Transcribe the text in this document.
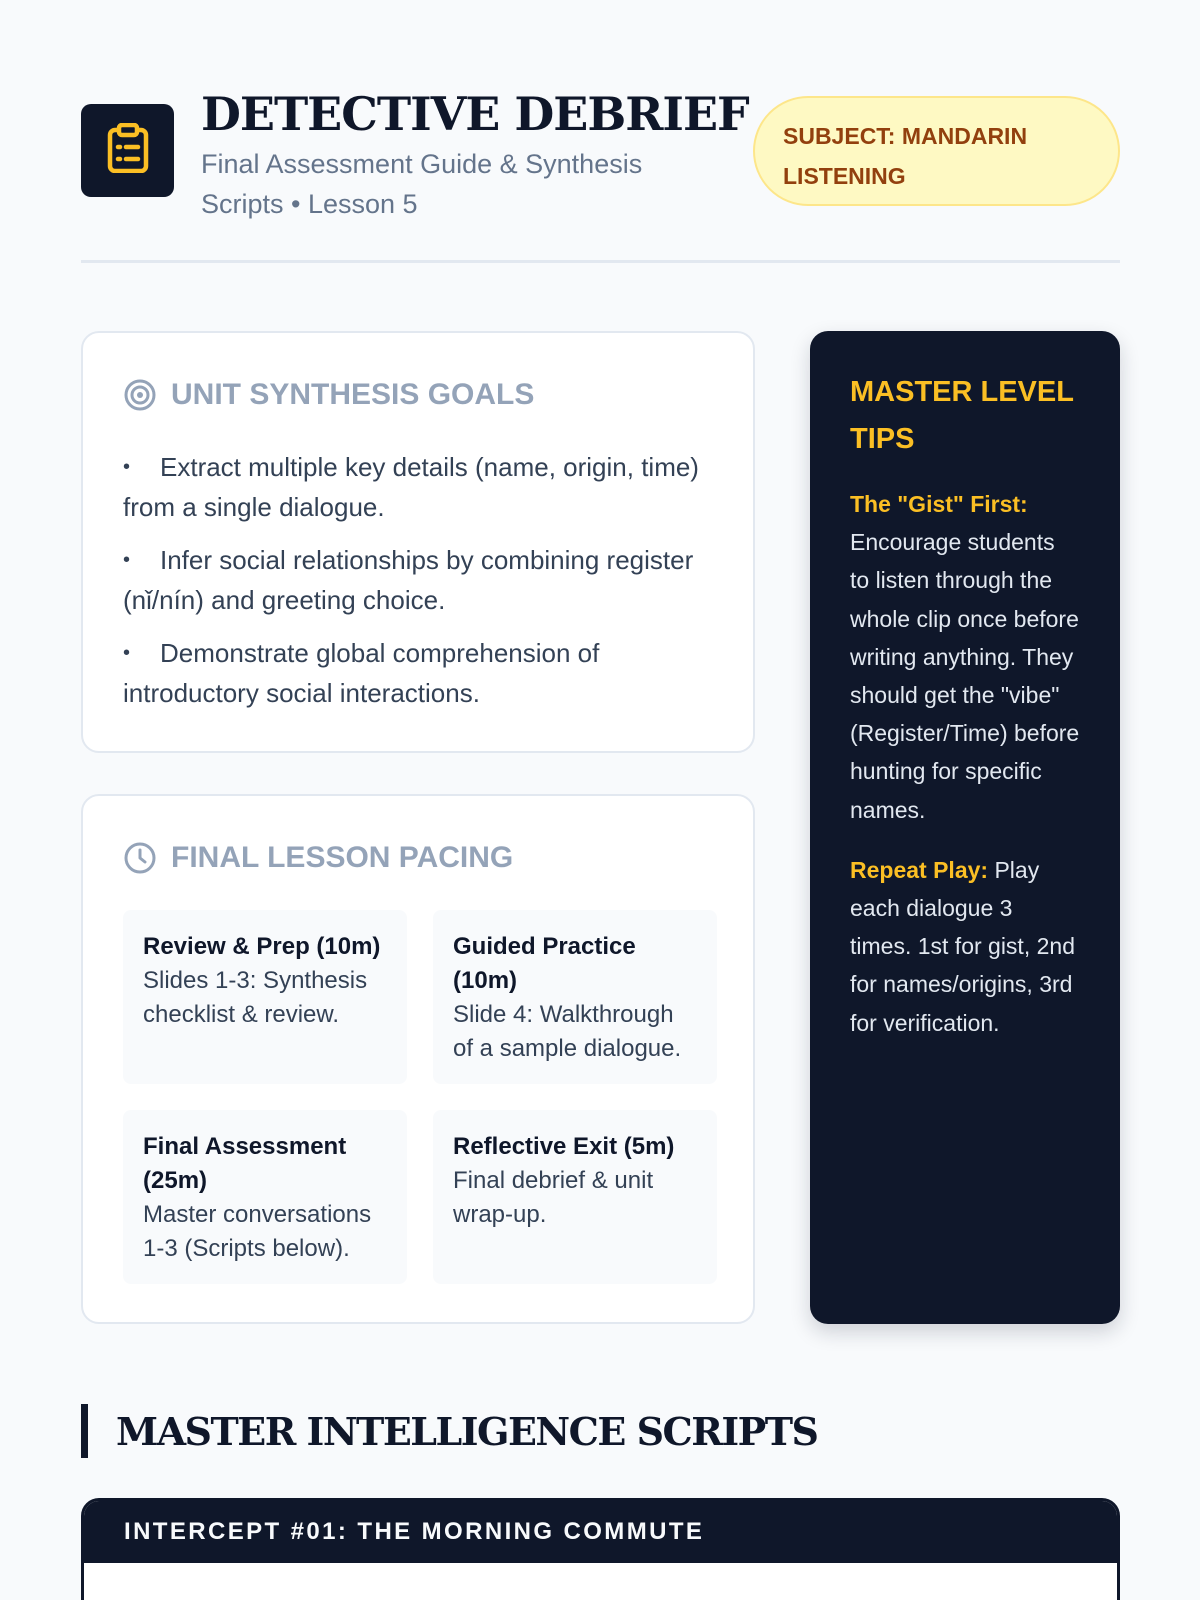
DETECTIVE DEBRIEF
Final Assessment Guide & Synthesis Scripts • Lesson 5
SUBJECT: MANDARIN LISTENING
UNIT SYNTHESIS GOALS
• Extract multiple key details (name, origin, time) from a single dialogue.
• Infer social relationships by combining register (nǐ/nín) and greeting choice.
• Demonstrate global comprehension of introductory social interactions.
FINAL LESSON PACING
Review & Prep (10m)
Slides 1-3: Synthesis checklist & review.
Guided Practice (10m)
Slide 4: Walkthrough of a sample dialogue.
Final Assessment (25m)
Master conversations 1-3 (Scripts below).
Reflective Exit (5m)
Final debrief & unit wrap-up.
MASTER LEVEL TIPS
The "Gist" First: Encourage students to listen through the whole clip once before writing anything. They should get the "vibe" (Register/Time) before hunting for specific names.
Repeat Play: Play each dialogue 3 times. 1st for gist, 2nd for names/origins, 3rd for verification.
MASTER INTELLIGENCE SCRIPTS
INTERCEPT #01: THE MORNING COMMUTE
